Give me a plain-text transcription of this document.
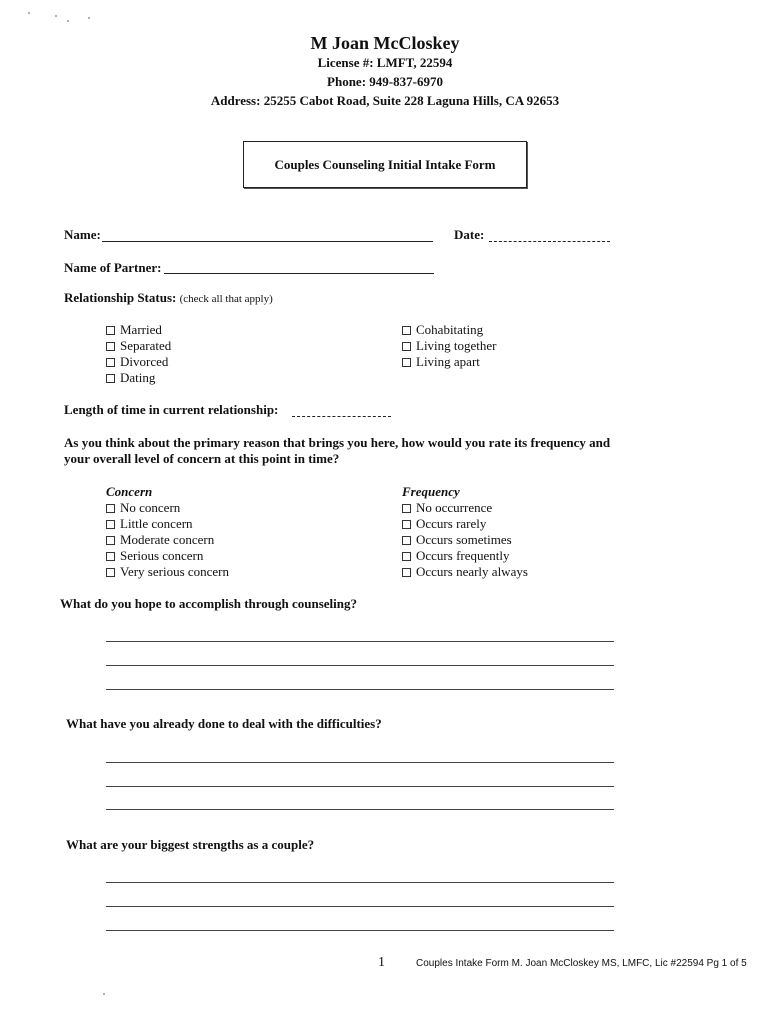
M Joan McCloskey
License #: LMFT, 22594
Phone: 949-837-6970
Address: 25255 Cabot Road, Suite 228 Laguna Hills, CA 92653
Couples Counseling Initial Intake Form
Name:	Date:
Name of Partner:
Relationship Status: (check all that apply)
Married
Separated
Divorced
Dating
Cohabitating
Living together
Living apart
Length of time in current relationship:
As you think about the primary reason that brings you here, how would you rate its frequency and
your overall level of concern at this point in time?
Concern
No concern
Little concern
Moderate concern
Serious concern
Very serious concern
Frequency
No occurrence
Occurs rarely
Occurs sometimes
Occurs frequently
Occurs nearly always
What do you hope to accomplish through counseling?
What have you already done to deal with the difficulties?
What are your biggest strengths as a couple?
1	Couples Intake Form M. Joan McCloskey MS, LMFC, Lic #22594 Pg 1 of 5
